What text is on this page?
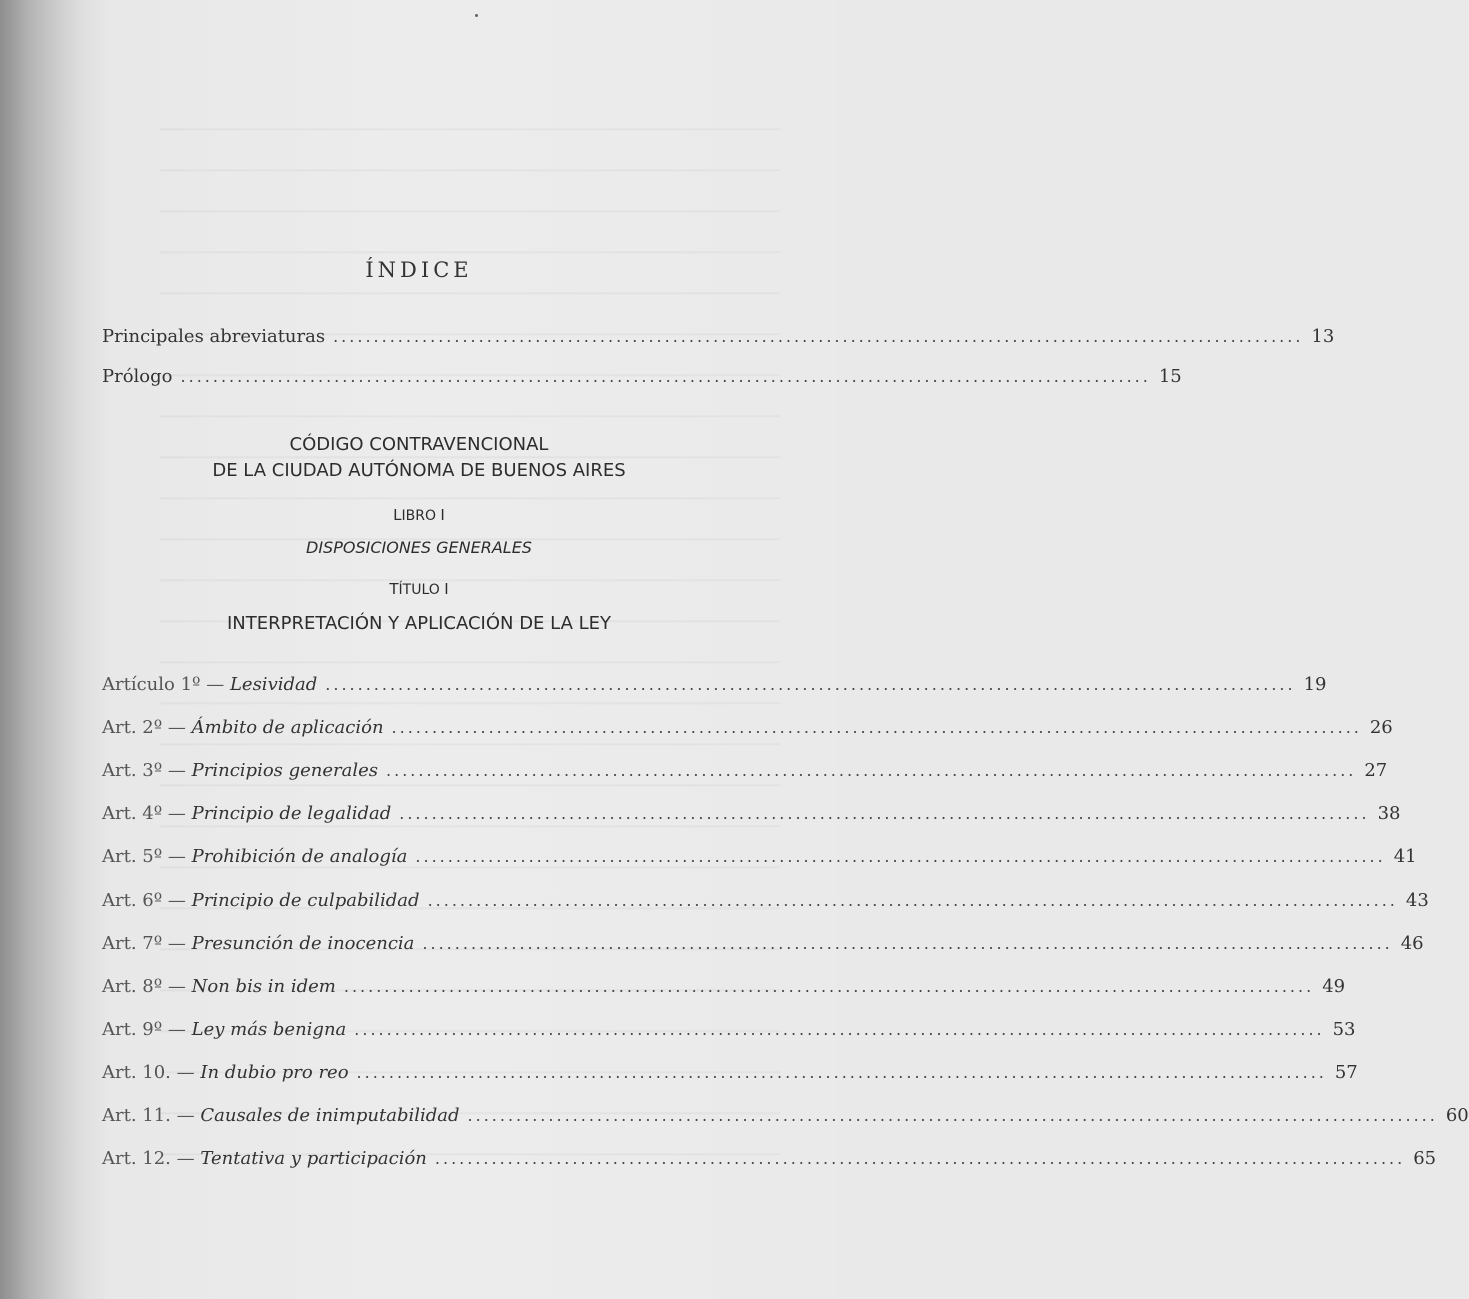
ÍNDICE
Principales abreviaturas ........................................................................................................................ 13
Prólogo ........................................................................................................................ 15
CÓDIGO CONTRAVENCIONAL
DE LA CIUDAD AUTÓNOMA DE BUENOS AIRES
LIBRO I
DISPOSICIONES GENERALES
TÍTULO I
INTERPRETACIÓN Y APLICACIÓN DE LA LEY
Artículo 1º — Lesividad ........................................................................................................................ 19
Art. 2º — Ámbito de aplicación ........................................................................................................................ 26
Art. 3º — Principios generales ........................................................................................................................ 27
Art. 4º — Principio de legalidad ........................................................................................................................ 38
Art. 5º — Prohibición de analogía ........................................................................................................................ 41
Art. 6º — Principio de culpabilidad ........................................................................................................................ 43
Art. 7º — Presunción de inocencia ........................................................................................................................ 46
Art. 8º — Non bis in idem ........................................................................................................................ 49
Art. 9º — Ley más benigna ........................................................................................................................ 53
Art. 10. — In dubio pro reo ........................................................................................................................ 57
Art. 11. — Causales de inimputabilidad ........................................................................................................................ 60
Art. 12. — Tentativa y participación ........................................................................................................................ 65
